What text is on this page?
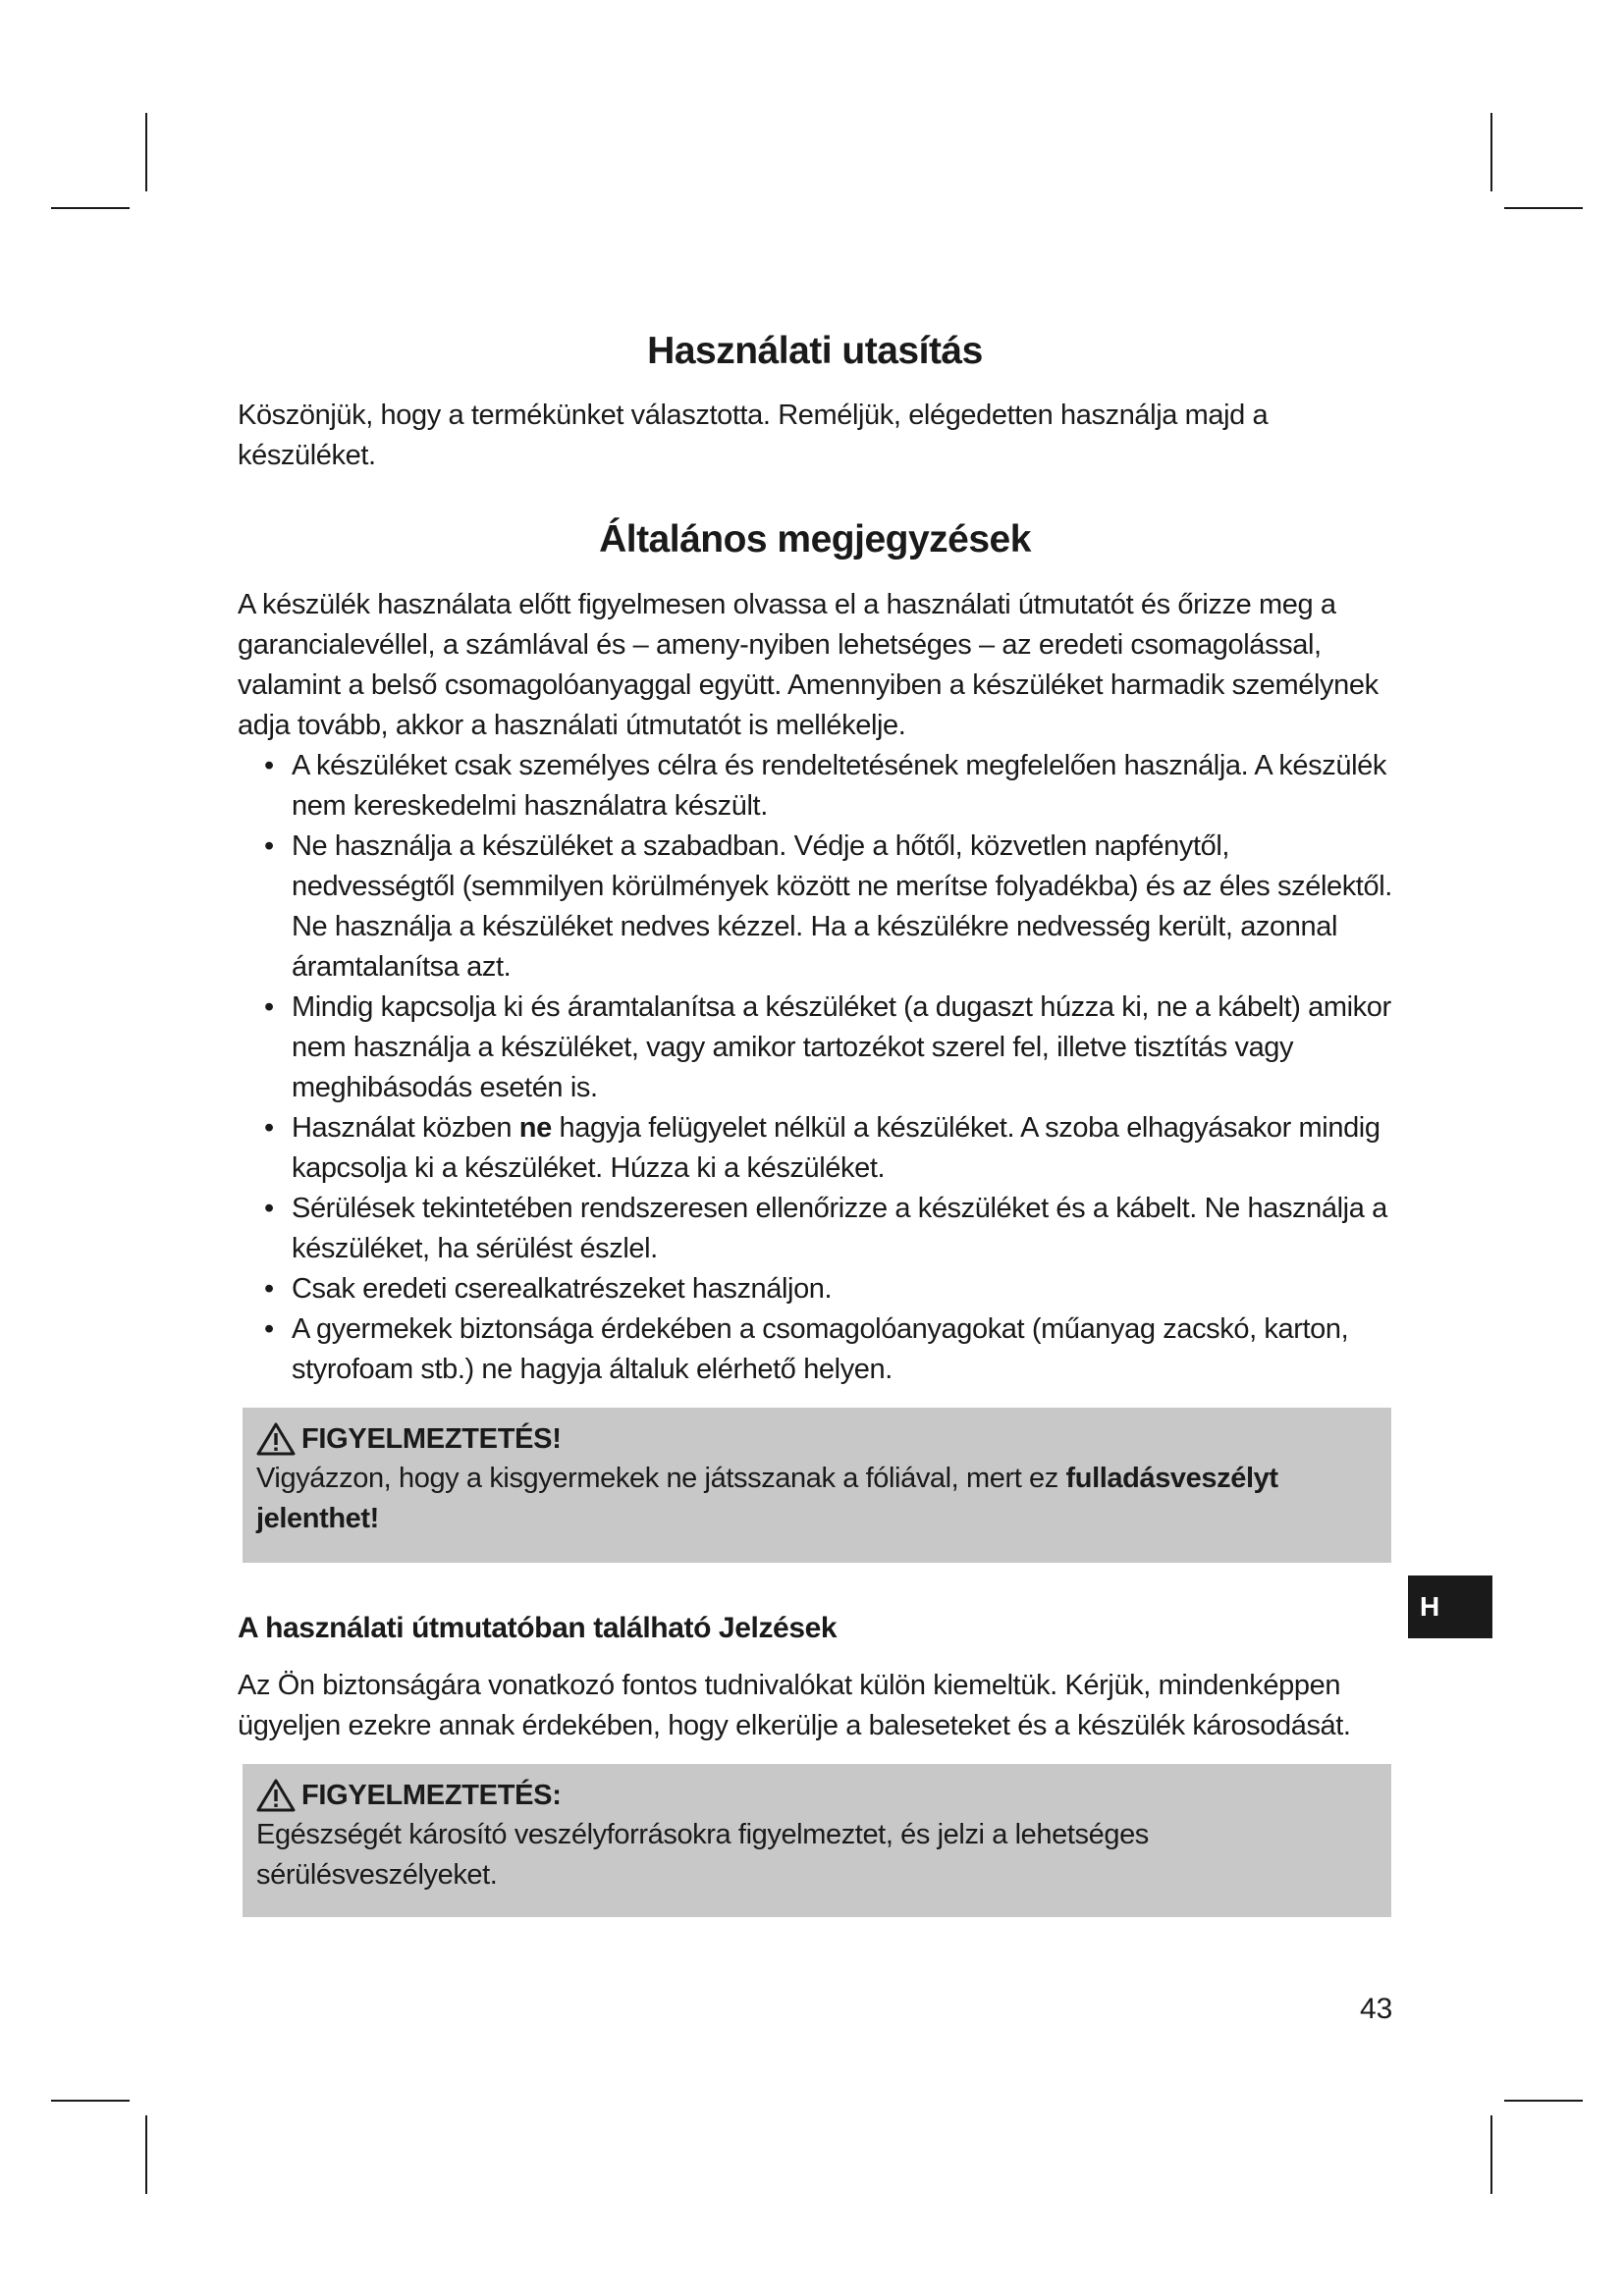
Használati utasítás
Köszönjük, hogy a termékünket választotta. Reméljük, elégedetten használja majd a készüléket.
Általános megjegyzések
A készülék használata előtt figyelmesen olvassa el a használati útmutatót és őrizze meg a garancialevéllel, a számlával és – ameny-nyiben lehetséges – az eredeti csomagolással, valamint a belső csomagolóanyaggal együtt. Amennyiben a készüléket harmadik személynek adja tovább, akkor a használati útmutatót is mellékelje.
• A készüléket csak személyes célra és rendeltetésének megfelelően használja. A készülék nem kereskedelmi használatra készült.
• Ne használja a készüléket a szabadban. Védje a hőtől, közvetlen napfénytől, nedvességtől (semmilyen körülmények között ne merítse folyadékba) és az éles szélektől. Ne használja a készüléket nedves kézzel. Ha a készülékre nedvesség került, azonnal áramtalanítsa azt.
• Mindig kapcsolja ki és áramtalanítsa a készüléket (a dugaszt húzza ki, ne a kábelt) amikor nem használja a készüléket, vagy amikor tartozékot szerel fel, illetve tisztítás vagy meghibásodás esetén is.
• Használat közben ne hagyja felügyelet nélkül a készüléket. A szoba elhagyásakor mindig kapcsolja ki a készüléket. Húzza ki a készüléket.
• Sérülések tekintetében rendszeresen ellenőrizze a készüléket és a kábelt. Ne használja a készüléket, ha sérülést észlel.
• Csak eredeti cserealkatrészeket használjon.
• A gyermekek biztonsága érdekében a csomagolóanyagokat (műanyag zacskó, karton, styrofoam stb.) ne hagyja általuk elérhető helyen.
FIGYELMEZTETÉS!
Vigyázzon, hogy a kisgyermekek ne játsszanak a fóliával, mert ez fulladásveszélyt jelenthet!
A használati útmutatóban található Jelzések
Az Ön biztonságára vonatkozó fontos tudnivalókat külön kiemeltük. Kérjük, mindenképpen ügyeljen ezekre annak érdekében, hogy elkerülje a baleseteket és a készülék károsodását.
FIGYELMEZTETÉS:
Egészségét károsító veszélyforrásokra figyelmeztet, és jelzi a lehetséges sérülésveszélyeket.
H
43
